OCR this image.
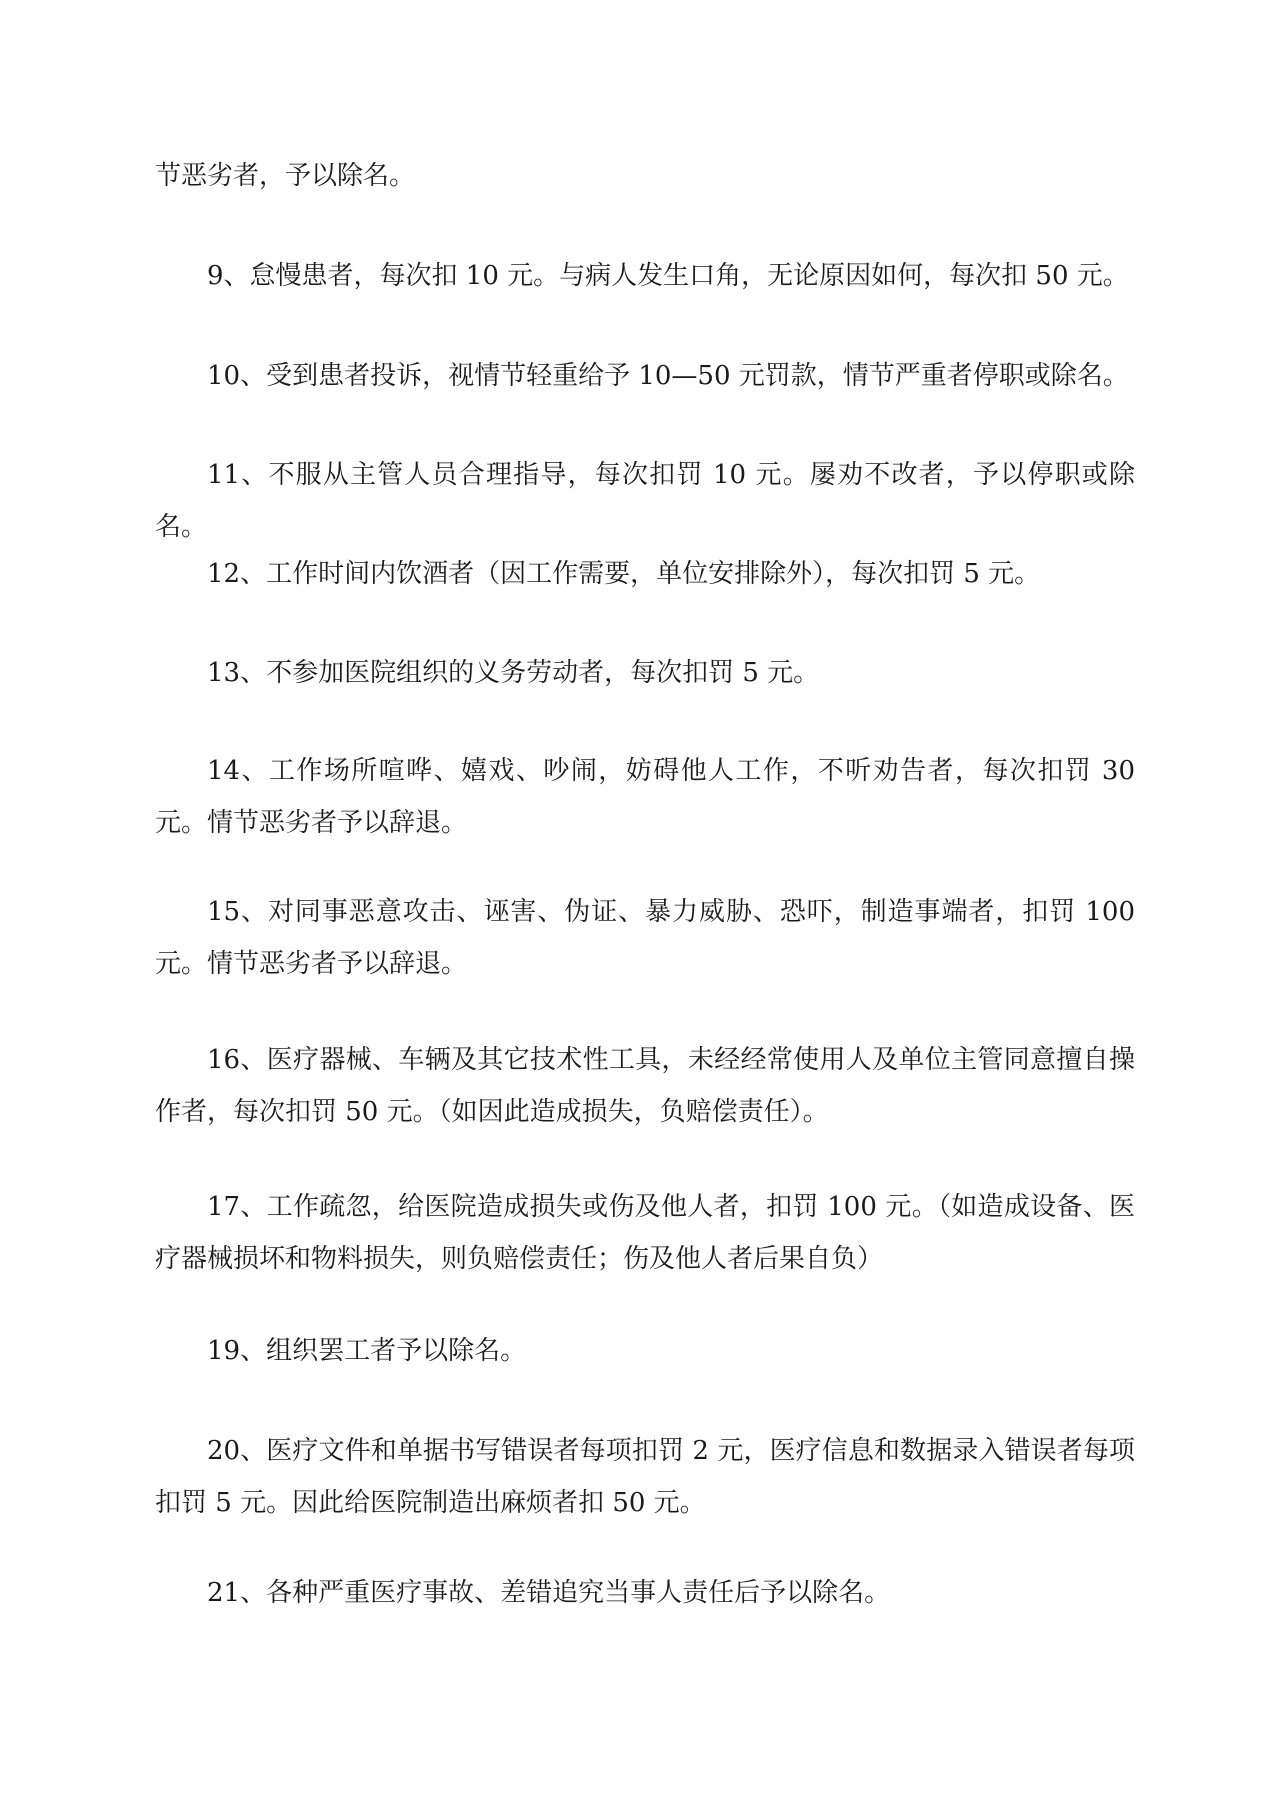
节恶劣者，予以除名。

9、怠慢患者，每次扣 10 元。与病人发生口角，无论原因如何，每次扣 50 元。

10、受到患者投诉，视情节轻重给予 10—50 元罚款，情节严重者停职或除名。

11、不服从主管人员合理指导，每次扣罚 10 元。屡劝不改者，予以停职或除名。

12、工作时间内饮酒者（因工作需要，单位安排除外），每次扣罚 5 元。

13、不参加医院组织的义务劳动者，每次扣罚 5 元。

14、工作场所喧哗、嬉戏、吵闹，妨碍他人工作，不听劝告者，每次扣罚 30 元。情节恶劣者予以辞退。

15、对同事恶意攻击、诬害、伪证、暴力威胁、恐吓，制造事端者，扣罚 100 元。情节恶劣者予以辞退。

16、医疗器械、车辆及其它技术性工具，未经经常使用人及单位主管同意擅自操作者，每次扣罚 50 元。（如因此造成损失，负赔偿责任）。

17、工作疏忽，给医院造成损失或伤及他人者，扣罚 100 元。（如造成设备、医疗器械损坏和物料损失，则负赔偿责任；伤及他人者后果自负）

19、组织罢工者予以除名。

20、医疗文件和单据书写错误者每项扣罚 2 元，医疗信息和数据录入错误者每项扣罚 5 元。因此给医院制造出麻烦者扣 50 元。

21、各种严重医疗事故、差错追究当事人责任后予以除名。
